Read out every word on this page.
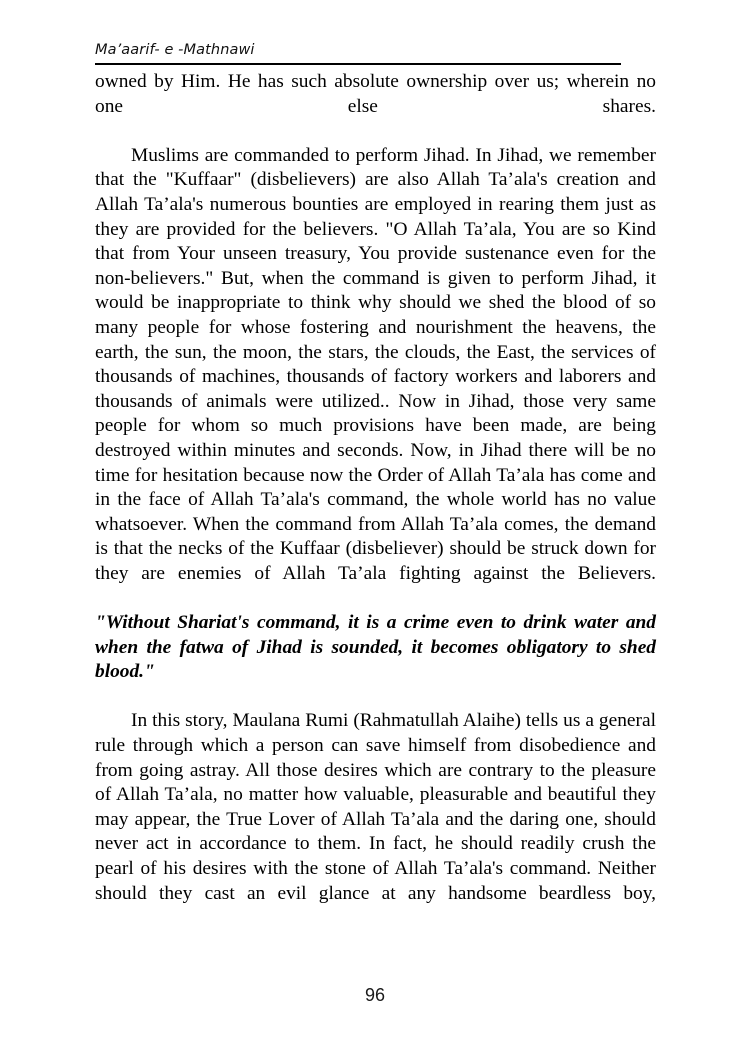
Ma’aarif- e -Mathnawi

owned by Him. He has such absolute ownership over us; wherein no one else shares.

Muslims are commanded to perform Jihad. In Jihad, we remember that the "Kuffaar" (disbelievers) are also Allah Ta’ala's creation and Allah Ta’ala's numerous bounties are employed in rearing them just as they are provided for the believers. "O Allah Ta’ala, You are so Kind that from Your unseen treasury, You provide sustenance even for the non-believers." But, when the command is given to perform Jihad, it would be inappropriate to think why should we shed the blood of so many people for whose fostering and nourishment the heavens, the earth, the sun, the moon, the stars, the clouds, the East, the services of thousands of machines, thousands of factory workers and laborers and thousands of animals were utilized.. Now in Jihad, those very same people for whom so much provisions have been made, are being destroyed within minutes and seconds. Now, in Jihad there will be no time for hesitation because now the Order of Allah Ta’ala has come and in the face of Allah Ta’ala's command, the whole world has no value whatsoever. When the command from Allah Ta’ala comes, the demand is that the necks of the Kuffaar (disbeliever) should be struck down for they are enemies of Allah Ta’ala fighting against the Believers.

"Without Shariat's command, it is a crime even to drink water and when the fatwa of Jihad is sounded, it becomes obligatory to shed blood."

In this story, Maulana Rumi (Rahmatullah Alaihe) tells us a general rule through which a person can save himself from disobedience and from going astray. All those desires which are contrary to the pleasure of Allah Ta’ala, no matter how valuable, pleasurable and beautiful they may appear, the True Lover of Allah Ta’ala and the daring one, should never act in accordance to them. In fact, he should readily crush the pearl of his desires with the stone of Allah Ta’ala's command. Neither should they cast an evil glance at any handsome beardless boy,

96
